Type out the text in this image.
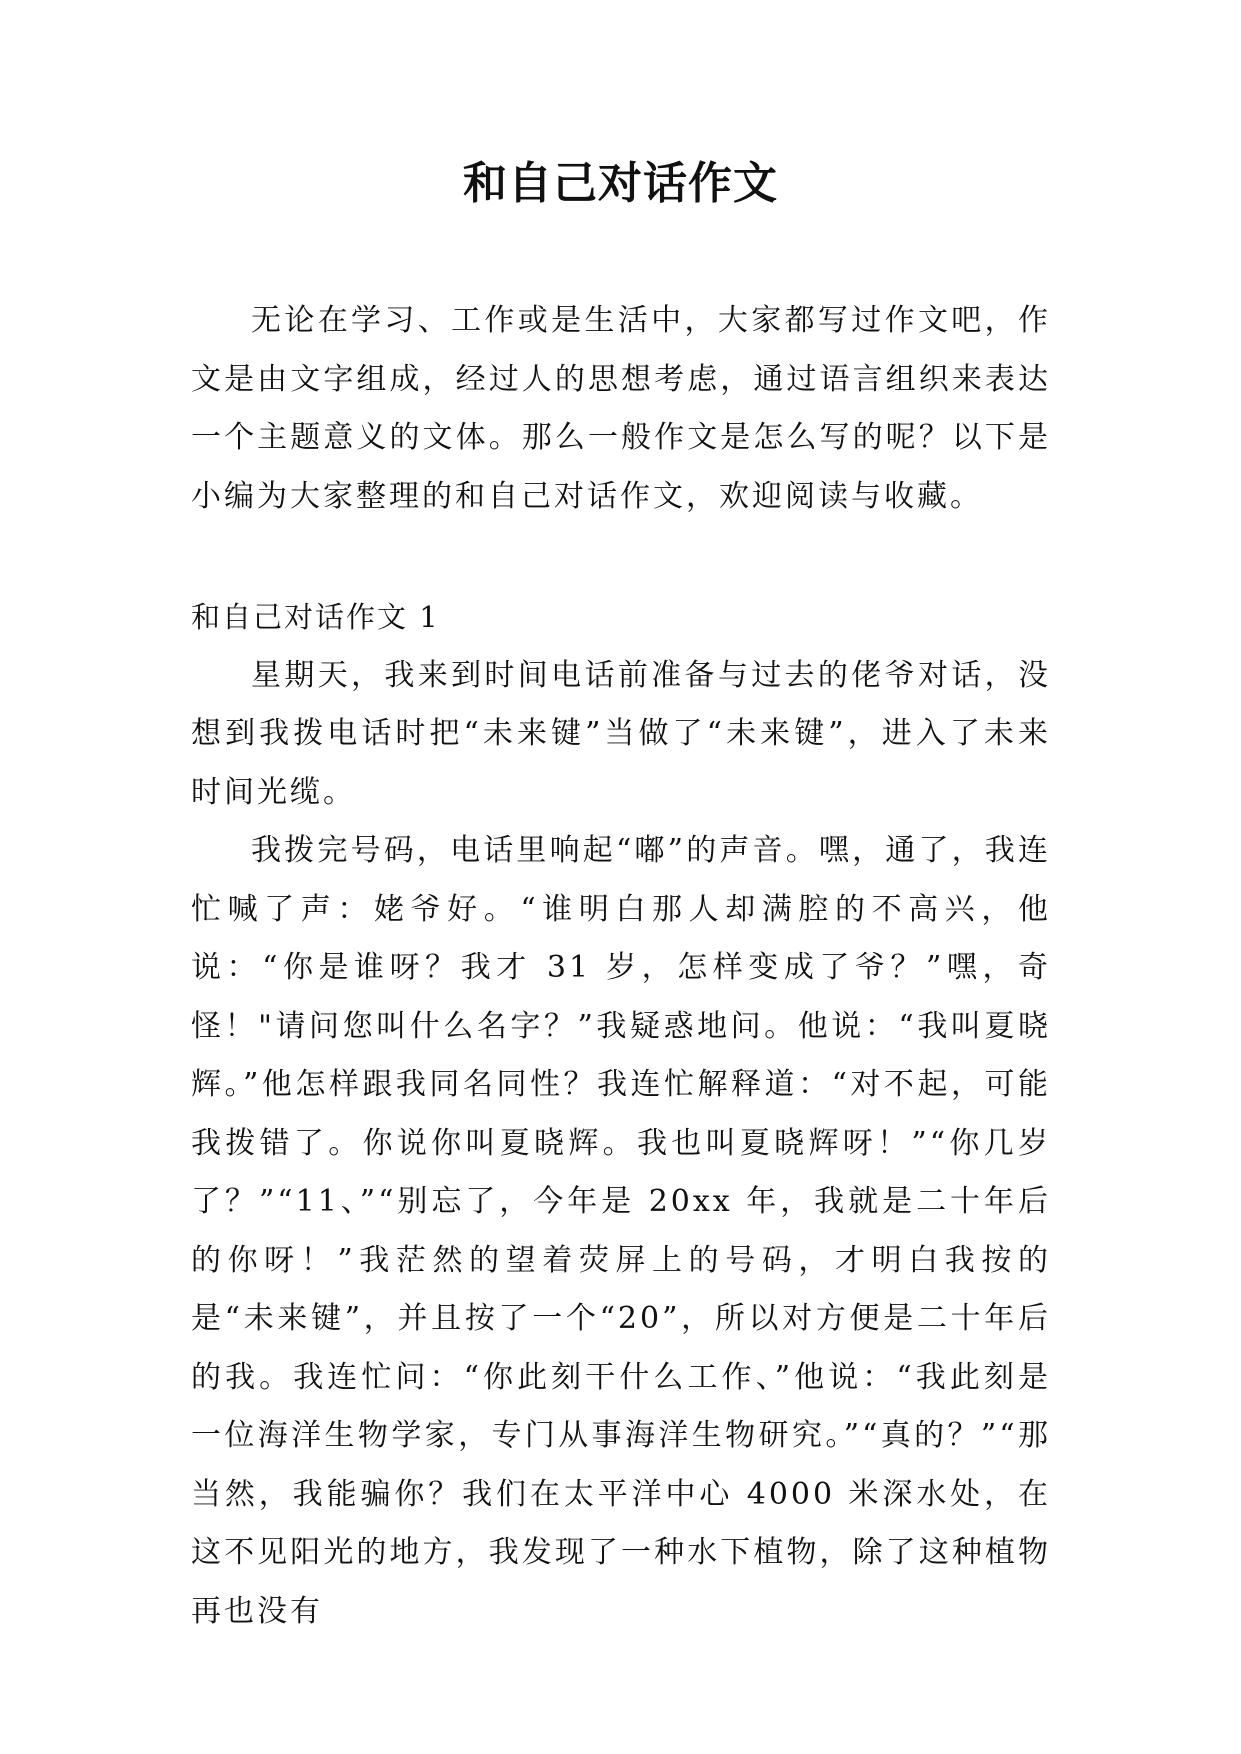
和自己对话作文

无论在学习、工作或是生活中，大家都写过作文吧，作文是由文字组成，经过人的思想考虑，通过语言组织来表达一个主题意义的文体。那么一般作文是怎么写的呢？以下是小编为大家整理的和自己对话作文，欢迎阅读与收藏。

和自己对话作文 1

星期天，我来到时间电话前准备与过去的佬爷对话，没想到我拨电话时把“未来键”当做了“未来键”，进入了未来时间光缆。

我拨完号码，电话里响起“嘟”的声音。嘿，通了，我连忙喊了声：姥爷好。“谁明白那人却满腔的不高兴，他说：“你是谁呀？我才 31 岁，怎样变成了爷？”嘿，奇怪！"请问您叫什么名字？”我疑惑地问。他说：“我叫夏晓辉。”他怎样跟我同名同性？我连忙解释道：“对不起，可能我拨错了。你说你叫夏晓辉。我也叫夏晓辉呀！”“你几岁了？”“11、”“别忘了，今年是 20xx 年，我就是二十年后的你呀！”我茫然的望着荧屏上的号码，才明白我按的是“未来键”，并且按了一个“20”，所以对方便是二十年后的我。我连忙问：“你此刻干什么工作、”他说：“我此刻是一位海洋生物学家，专门从事海洋生物研究。”“真的？”“那当然，我能骗你？我们在太平洋中心 4000 米深水处，在这不见阳光的地方，我发现了一种水下植物，除了这种植物再也没有
